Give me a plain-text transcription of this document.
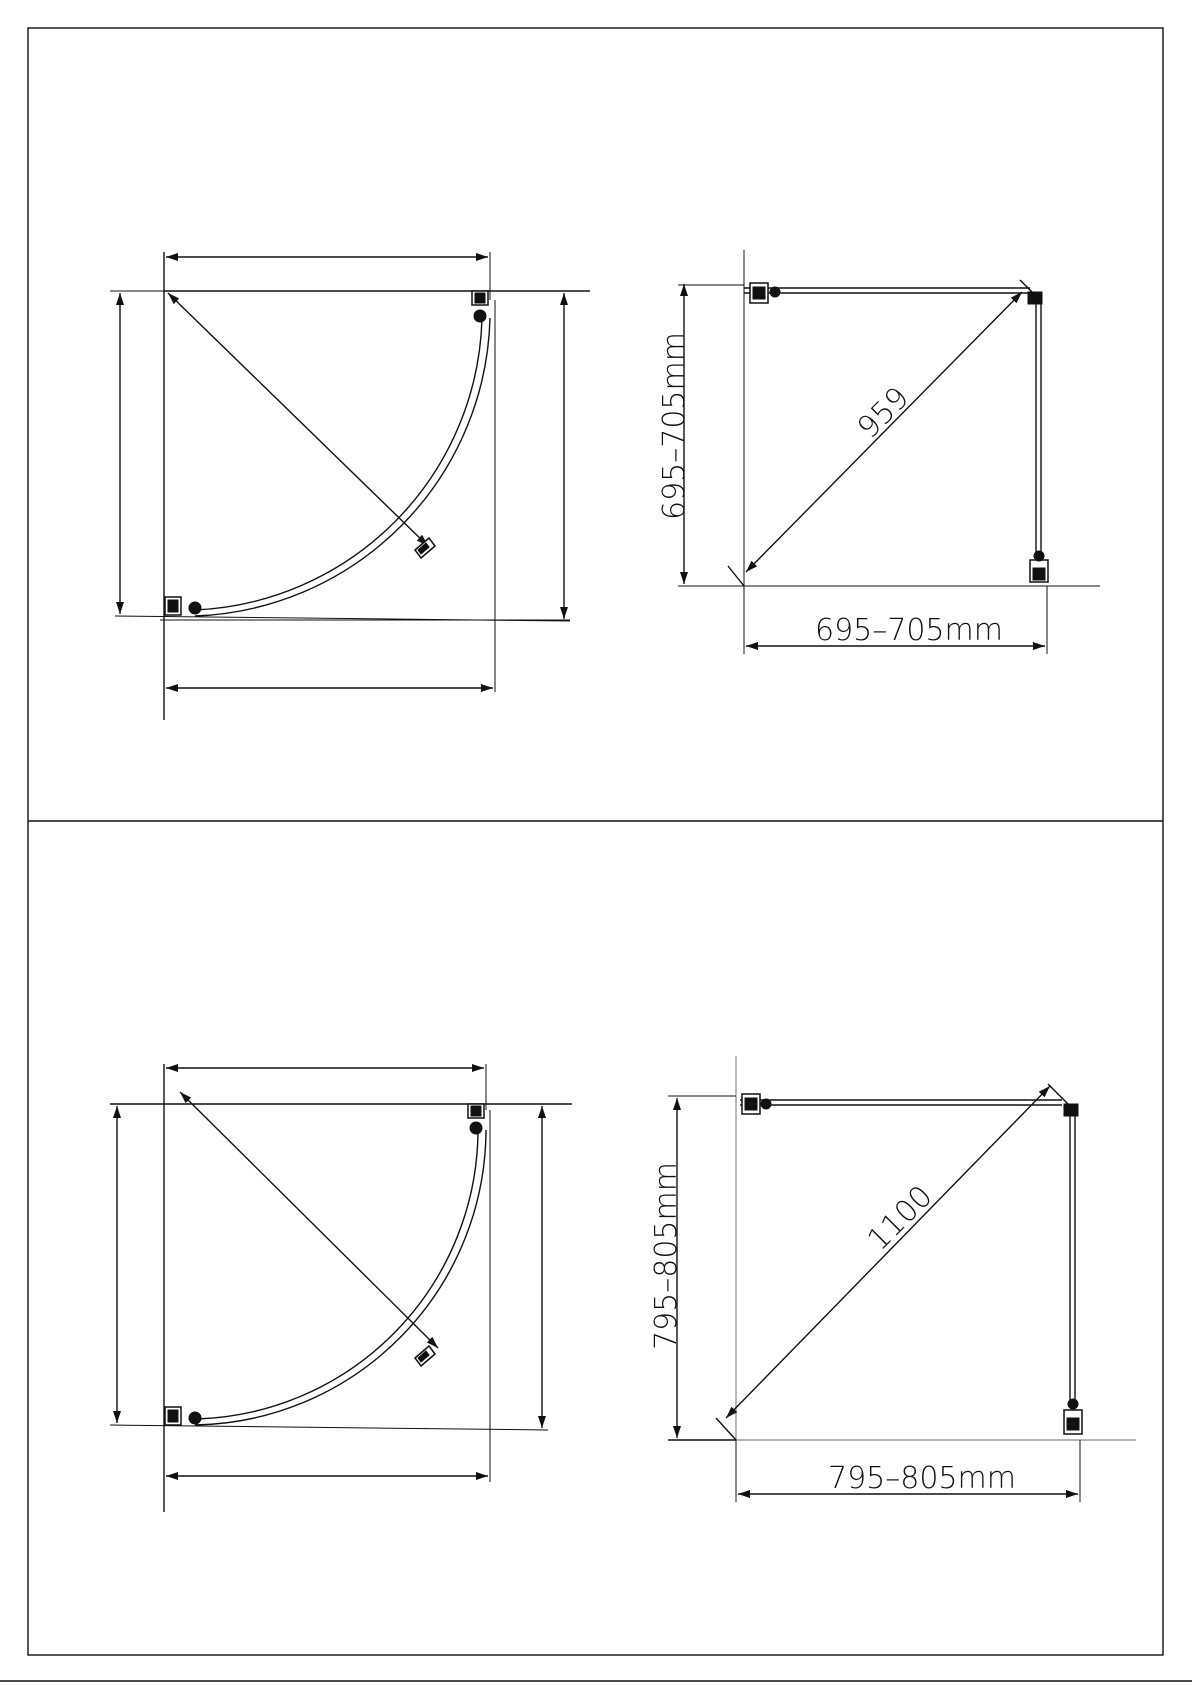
695–705mm
695–705mm
959
795–805mm
795–805mm
1100
